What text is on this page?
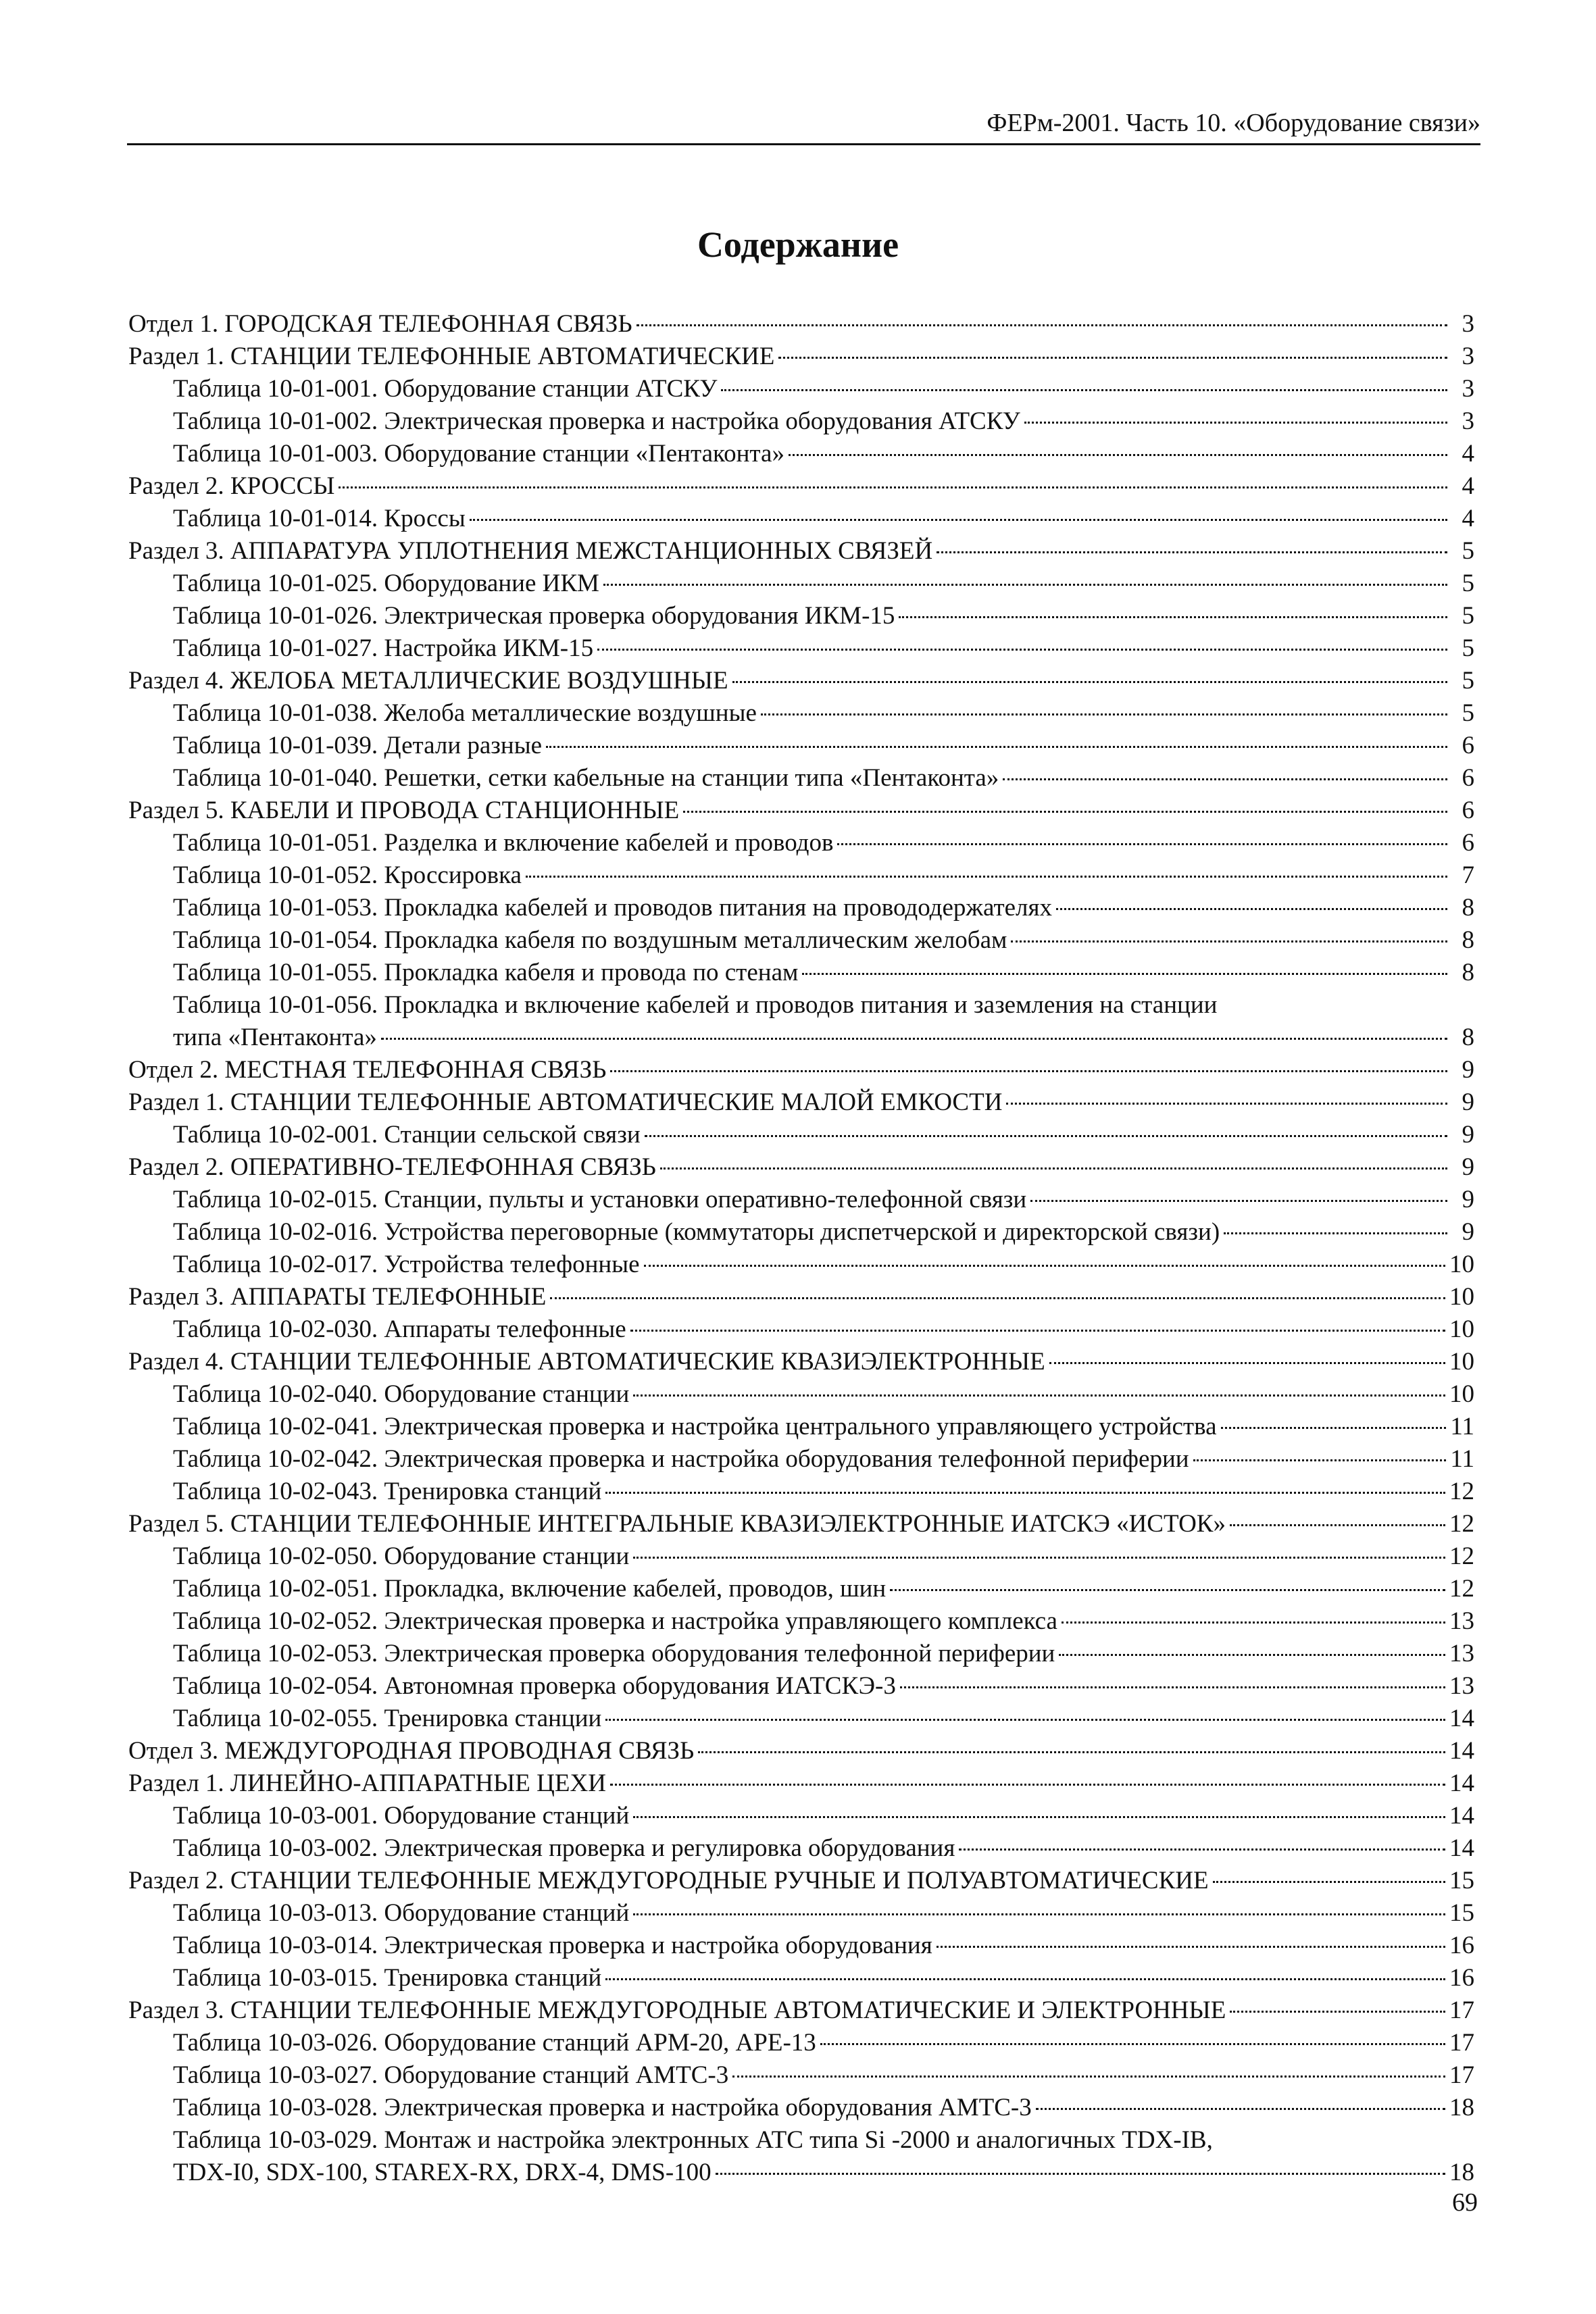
ФЕРм-2001. Часть 10. «Оборудование связи»
Содержание
Отдел 1. ГОРОДСКАЯ ТЕЛЕФОННАЯ СВЯЗЬ	3
Раздел 1. СТАНЦИИ ТЕЛЕФОННЫЕ АВТОМАТИЧЕСКИЕ	3
Таблица 10-01-001. Оборудование станции АТСКУ	3
Таблица 10-01-002. Электрическая проверка и настройка оборудования АТСКУ	3
Таблица 10-01-003. Оборудование станции «Пентаконта»	4
Раздел 2. КРОССЫ	4
Таблица 10-01-014. Кроссы	4
Раздел 3. АППАРАТУРА УПЛОТНЕНИЯ МЕЖСТАНЦИОННЫХ СВЯЗЕЙ	5
Таблица 10-01-025. Оборудование ИКМ	5
Таблица 10-01-026. Электрическая проверка оборудования ИКМ-15	5
Таблица 10-01-027. Настройка ИКМ-15	5
Раздел 4. ЖЕЛОБА МЕТАЛЛИЧЕСКИЕ ВОЗДУШНЫЕ	5
Таблица 10-01-038. Желоба металлические воздушные	5
Таблица 10-01-039. Детали разные	6
Таблица 10-01-040. Решетки, сетки кабельные на станции типа «Пентаконта»	6
Раздел 5. КАБЕЛИ И ПРОВОДА СТАНЦИОННЫЕ	6
Таблица 10-01-051. Разделка и включение кабелей и проводов	6
Таблица 10-01-052. Кроссировка	7
Таблица 10-01-053. Прокладка кабелей и проводов питания на провододержателях	8
Таблица 10-01-054. Прокладка кабеля по воздушным металлическим желобам	8
Таблица 10-01-055. Прокладка кабеля и провода по стенам	8
Таблица 10-01-056. Прокладка и включение кабелей и проводов питания и заземления на станции
типа «Пентаконта»	8
Отдел 2. МЕСТНАЯ ТЕЛЕФОННАЯ СВЯЗЬ	9
Раздел 1. СТАНЦИИ ТЕЛЕФОННЫЕ АВТОМАТИЧЕСКИЕ МАЛОЙ ЕМКОСТИ	9
Таблица 10-02-001. Станции сельской связи	9
Раздел 2. ОПЕРАТИВНО-ТЕЛЕФОННАЯ СВЯЗЬ	9
Таблица 10-02-015. Станции, пульты и установки оперативно-телефонной связи	9
Таблица 10-02-016. Устройства переговорные (коммутаторы диспетчерской и директорской связи)	9
Таблица 10-02-017. Устройства телефонные	10
Раздел 3. АППАРАТЫ ТЕЛЕФОННЫЕ	10
Таблица 10-02-030. Аппараты телефонные	10
Раздел 4. СТАНЦИИ ТЕЛЕФОННЫЕ АВТОМАТИЧЕСКИЕ КВАЗИЭЛЕКТРОННЫЕ	10
Таблица 10-02-040. Оборудование станции	10
Таблица 10-02-041. Электрическая проверка и настройка центрального управляющего устройства	11
Таблица 10-02-042. Электрическая проверка и настройка оборудования телефонной периферии	11
Таблица 10-02-043. Тренировка станций	12
Раздел 5. СТАНЦИИ ТЕЛЕФОННЫЕ ИНТЕГРАЛЬНЫЕ КВАЗИЭЛЕКТРОННЫЕ ИАТСКЭ «ИСТОК»	12
Таблица 10-02-050. Оборудование станции	12
Таблица 10-02-051. Прокладка, включение кабелей, проводов, шин	12
Таблица 10-02-052. Электрическая проверка и настройка управляющего комплекса	13
Таблица 10-02-053. Электрическая проверка оборудования телефонной периферии	13
Таблица 10-02-054. Автономная проверка оборудования ИАТСКЭ-3	13
Таблица 10-02-055. Тренировка станции	14
Отдел 3. МЕЖДУГОРОДНАЯ ПРОВОДНАЯ СВЯЗЬ	14
Раздел 1. ЛИНЕЙНО-АППАРАТНЫЕ ЦЕХИ	14
Таблица 10-03-001. Оборудование станций	14
Таблица 10-03-002. Электрическая проверка и регулировка оборудования	14
Раздел 2. СТАНЦИИ ТЕЛЕФОННЫЕ МЕЖДУГОРОДНЫЕ РУЧНЫЕ И ПОЛУАВТОМАТИЧЕСКИЕ	15
Таблица 10-03-013. Оборудование станций	15
Таблица 10-03-014. Электрическая проверка и настройка оборудования	16
Таблица 10-03-015. Тренировка станций	16
Раздел 3. СТАНЦИИ ТЕЛЕФОННЫЕ МЕЖДУГОРОДНЫЕ АВТОМАТИЧЕСКИЕ И ЭЛЕКТРОННЫЕ	17
Таблица 10-03-026. Оборудование станций АРМ-20, АРЕ-13	17
Таблица 10-03-027. Оборудование станций АМТС-3	17
Таблица 10-03-028. Электрическая проверка и настройка оборудования АМТС-3	18
Таблица 10-03-029. Монтаж и настройка электронных АТС типа Si -2000 и аналогичных TDX-IB,
TDX-I0, SDX-100, STAREX-RX, DRX-4, DMS-100	18
69
